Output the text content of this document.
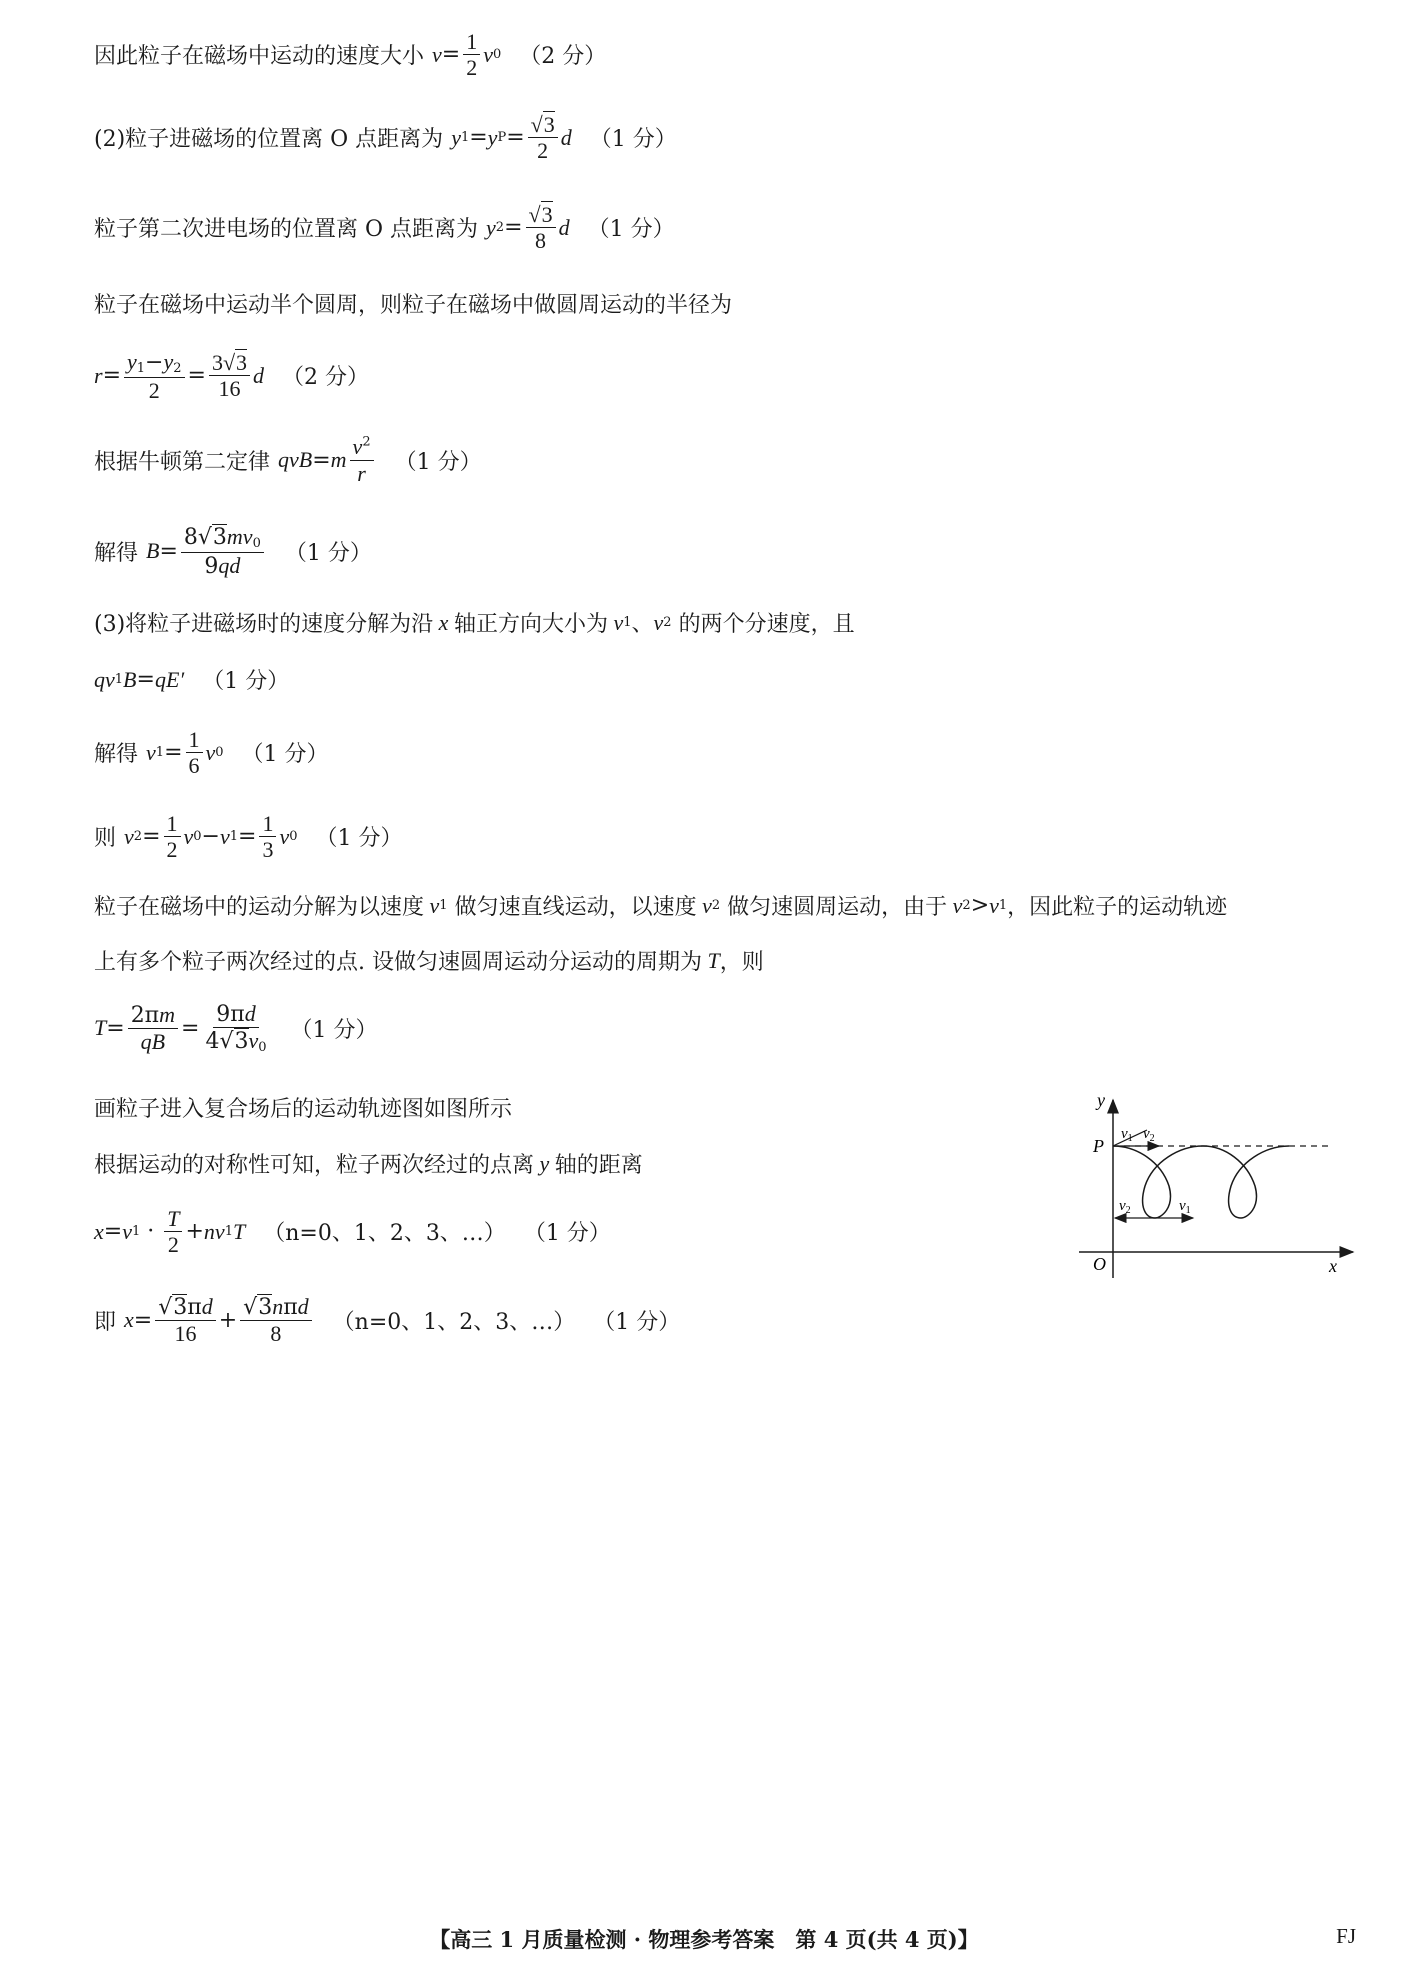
因此粒子在磁场中运动的速度大小 $v = \frac{1}{2}$ v 0 （2 分）
(2)粒子进磁场的位置离 O 点距离为 y 1 = y $P = \frac{√3}{2}$ d （1 分）
粒子第二次进电场的位置离 O 点距离为 y $2 = \frac{√3}{8}$ d （1 分）
粒子在磁场中运动半个圆周，则粒子在磁场中做圆周运动的半径为
$r = \frac{y_1-y_2}{2} = \frac{3√3}{16}$ d （2 分）
根据牛顿第二定律 qvB = m $\frac{v^2}{r} (1$ 分）
解得 $B = \frac{8√3mv_0}{9qd} (1$ 分）
(3)将粒子进磁场时的速度分解为沿 x 轴正方向大小为 v 1 、 v 2
的两个分速度，且
qv 1 B = qE′ （1 分）
解得 v $1 = \frac{1}{6}$ v 0 （1 分）
则 v $2 = \frac{1}{2}$ v 0 − v $1 = \frac{1}{3}$ v 0 （1 分）
粒子在磁场中的运动分解为以速度 v 1
做匀速直线运动，以速度 v 2
做匀速圆周运动，由于 v 2 > v 1 ，因此粒子的运动轨迹
上有多个粒子两次经过的点. 设做匀速圆周运动分运动的周期为 T ，则
$T = \frac{2\pi m}{qB} = \frac{9\pi d}{4√3v_0} (1$ 分）
画粒子进入复合场后的运动轨迹图如图所示
根据运动的对称性可知，粒子两次经过的点离 y 轴的距离
x = v $1 \cdot \frac{T}{2}$ + nv 1 T （n=0、1、2、3、…） （1 分）
即 $x = \frac{√3\pi d}{16} + \frac{\text{√3nπd}}{8} (n=0$、1、2、3、…） （1 分）
y
x
O
P
$v_1$ $v_2$
$v_2$	$v_1$
【高三 1 月质量检测 · 物理参考答案　第 4 页(共 4 页)】	FJ
